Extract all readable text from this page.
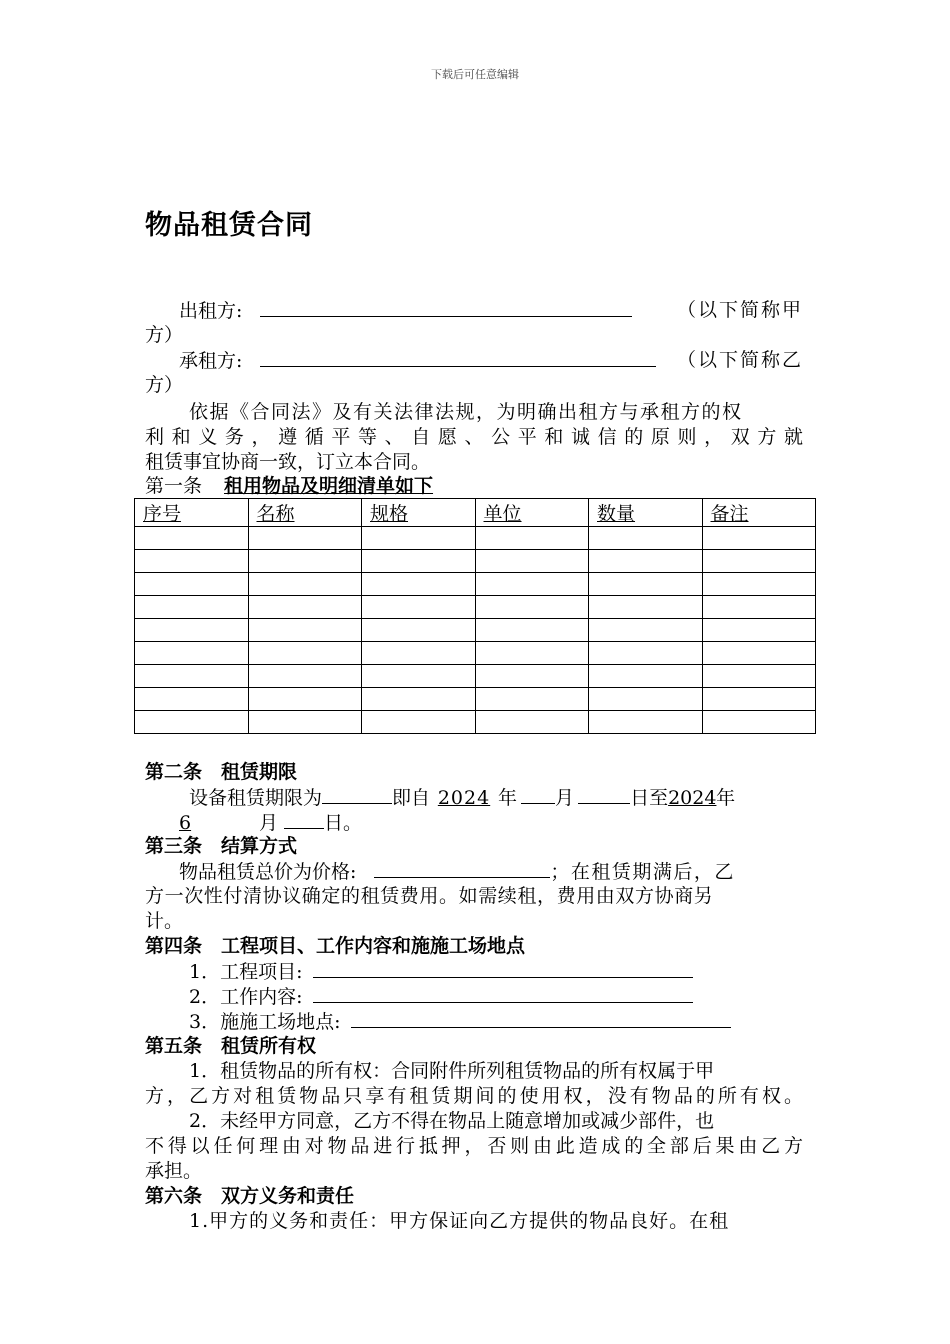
下载后可任意编辑
物品租赁合同
出租方:	（以下简称甲
方）
承租方:	（以下简称乙
方）
依据《合同法》及有关法律法规，为明确出租方与承租方的权
利和义务，遵循平等、自愿、公平和诚信的原则，双方就
租赁事宜协商一致，订立本合同。
第一条 租用物品及明细清单如下
序号	名称	规格	单位	数量	备注

第二条　租赁期限
设备租赁期限为	即自 2024 年 月	日至2024年
6	月 日。
第三条　结算方式
物品租赁总价为价格:	；在租赁期满后，乙
方一次性付清协议确定的租赁费用。如需续租，费用由双方协商另
计。
第四条　工程项目、工作内容和施施工场地点
1．工程项目:
2．工作内容:
3．施施工场地点:
第五条　租赁所有权
1．租赁物品的所有权：合同附件所列租赁物品的所有权属于甲
方，乙方对租赁物品只享有租赁期间的使用权，没有物品的所有权。
2．未经甲方同意，乙方不得在物品上随意增加或减少部件，也
不得以任何理由对物品进行抵押，否则由此造成的全部后果由乙方
承担。
第六条　双方义务和责任
1.甲方的义务和责任：甲方保证向乙方提供的物品良好。在租
